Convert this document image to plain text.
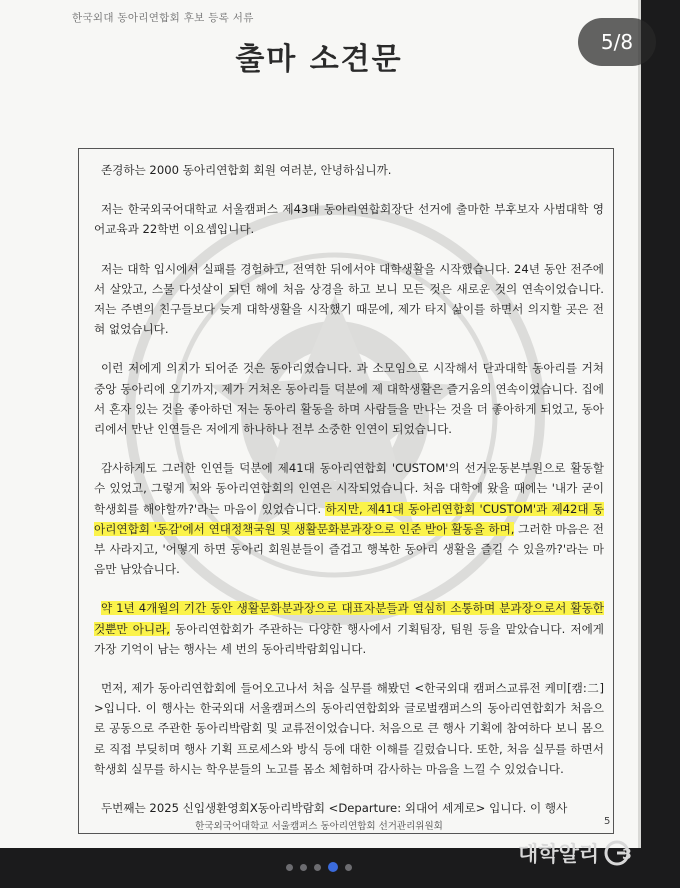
한국외대 동아리연합회 후보 등록 서류
출마 소견문

존경하는 2000 동아리연합회 회원 여러분, 안녕하십니까.

저는 한국외국어대학교 서울캠퍼스 제43대 동아리연합회장단 선거에 출마한 부후보자 사범대학 영어교육과 22학번 이요셉입니다.

저는 대학 입시에서 실패를 경험하고, 전역한 뒤에서야 대학생활을 시작했습니다. 24년 동안 전주에서 살았고, 스물 다섯살이 되던 해에 처음 상경을 하고 보니 모든 것은 새로운 것의 연속이었습니다. 저는 주변의 친구들보다 늦게 대학생활을 시작했기 때문에, 제가 타지 삶이를 하면서 의지할 곳은 전혀 없었습니다.

이런 저에게 의지가 되어준 것은 동아리였습니다. 과 소모임으로 시작해서 단과대학 동아리를 거쳐 중앙 동아리에 오기까지, 제가 거쳐온 동아리들 덕분에 제 대학생활은 즐거움의 연속이었습니다. 집에서 혼자 있는 것을 좋아하던 저는 동아리 활동을 하며 사람들을 만나는 것을 더 좋아하게 되었고, 동아리에서 만난 인연들은 저에게 하나하나 전부 소중한 인연이 되었습니다.

감사하게도 그러한 인연들 덕분에 제41대 동아리연합회 'CUSTOM'의 선거운동본부원으로 활동할 수 있었고, 그렇게 저와 동아리연합회의 인연은 시작되었습니다. 처음 대학에 왔을 때에는 '내가 굳이 학생회를 해야할까?'라는 마음이 있었습니다. 하지만, 제41대 동아리연합회 'CUSTOM'과 제42대 동아리연합회 '동감'에서 연대정책국원 및 생활문화분과장으로 인준 받아 활동을 하며, 그러한 마음은 전부 사라지고, '어떻게 하면 동아리 회원분들이 즐겁고 행복한 동아리 생활을 즐길 수 있을까?'라는 마음만 남았습니다.

약 1년 4개월의 기간 동안 생활문화분과장으로 대표자분들과 열심히 소통하며 분과장으로서 활동한 것뿐만 아니라, 동아리연합회가 주관하는 다양한 행사에서 기획팀장, 팀원 등을 맡았습니다. 저에게 가장 기억이 남는 행사는 세 번의 동아리박람회입니다.

먼저, 제가 동아리연합회에 들어오고나서 처음 실무를 해봤던 <한국외대 캠퍼스교류전 케미[캠:二]>입니다. 이 행사는 한국외대 서울캠퍼스의 동아리연합회와 글로벌캠퍼스의 동아리연합회가 처음으로 공동으로 주관한 동아리박람회 및 교류전이었습니다. 처음으로 큰 행사 기획에 참여하다 보니 몸으로 직접 부딪히며 행사 기획 프로세스와 방식 등에 대한 이해를 길렀습니다. 또한, 처음 실무를 하면서 학생회 실무를 하시는 학우분들의 노고를 몸소 체험하며 감사하는 마음을 느낄 수 있었습니다.

두번째는 2025 신입생환영회X동아리박람회 <Departure: 외대어 세계로> 입니다. 이 행사

한국외국어대학교 서울캠퍼스 동아리연합회 선거관리위원회	5
5/8
대학알리 3
